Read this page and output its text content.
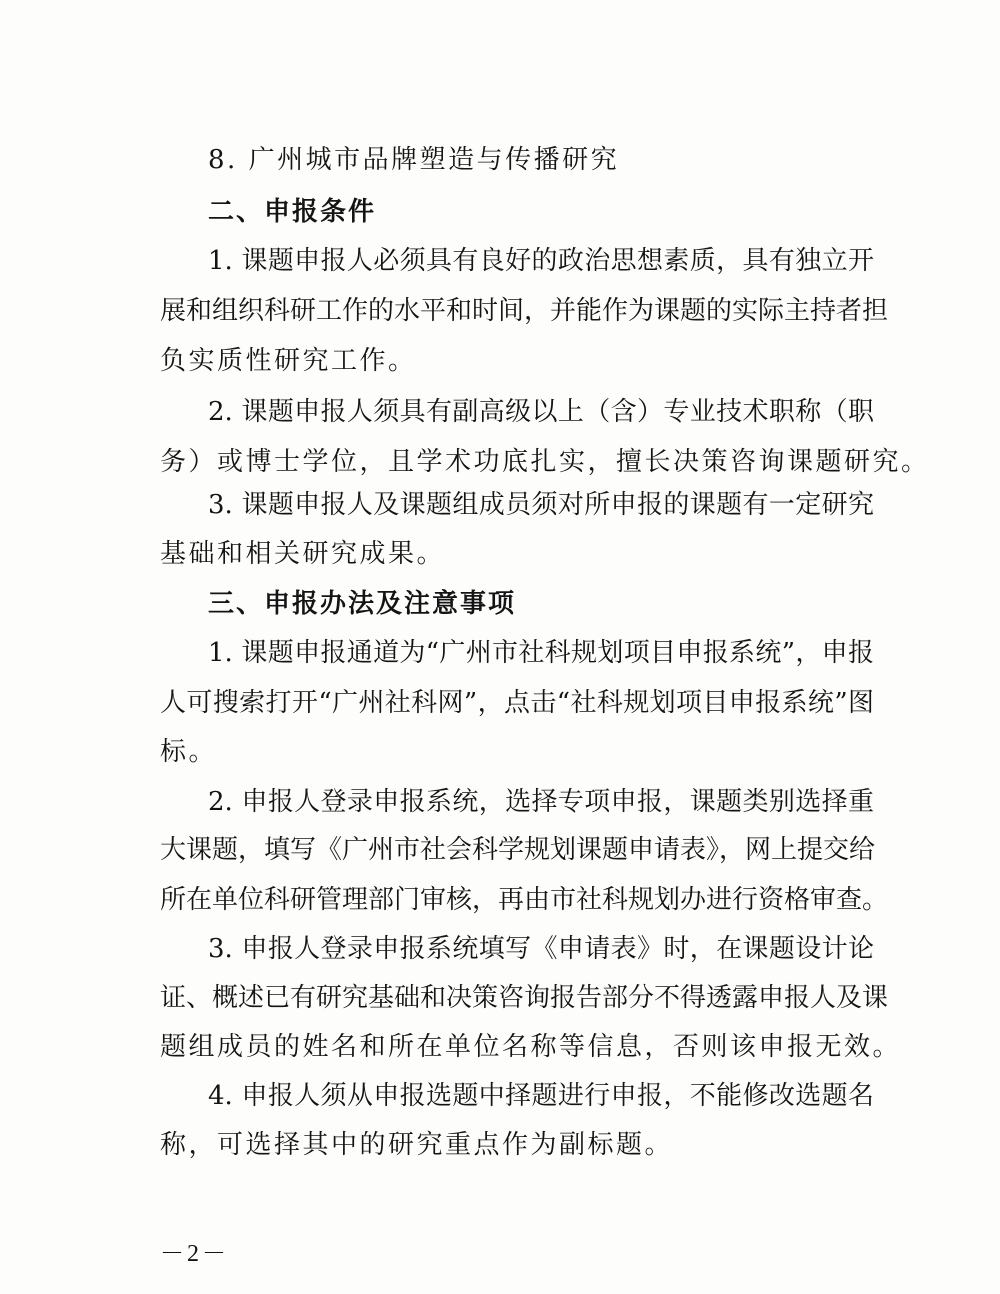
8. 广州城市品牌塑造与传播研究
二、申报条件
1. 课题申报人必须具有良好的政治思想素质，具有独立开
展和组织科研工作的水平和时间，并能作为课题的实际主持者担
负实质性研究工作。
2. 课题申报人须具有副高级以上（含）专业技术职称（职
务）或博士学位，且学术功底扎实，擅长决策咨询课题研究。
3. 课题申报人及课题组成员须对所申报的课题有一定研究
基础和相关研究成果。
三、申报办法及注意事项
1. 课题申报通道为“广州市社科规划项目申报系统”，申报
人可搜索打开“广州社科网”，点击“社科规划项目申报系统”图
标。
2. 申报人登录申报系统，选择专项申报，课题类别选择重
大课题，填写《广州市社会科学规划课题申请表》，网上提交给
所在单位科研管理部门审核，再由市社科规划办进行资格审查。
3. 申报人登录申报系统填写《申请表》时，在课题设计论
证、概述已有研究基础和决策咨询报告部分不得透露申报人及课
题组成员的姓名和所在单位名称等信息，否则该申报无效。
4. 申报人须从申报选题中择题进行申报，不能修改选题名
称，可选择其中的研究重点作为副标题。
－2－
